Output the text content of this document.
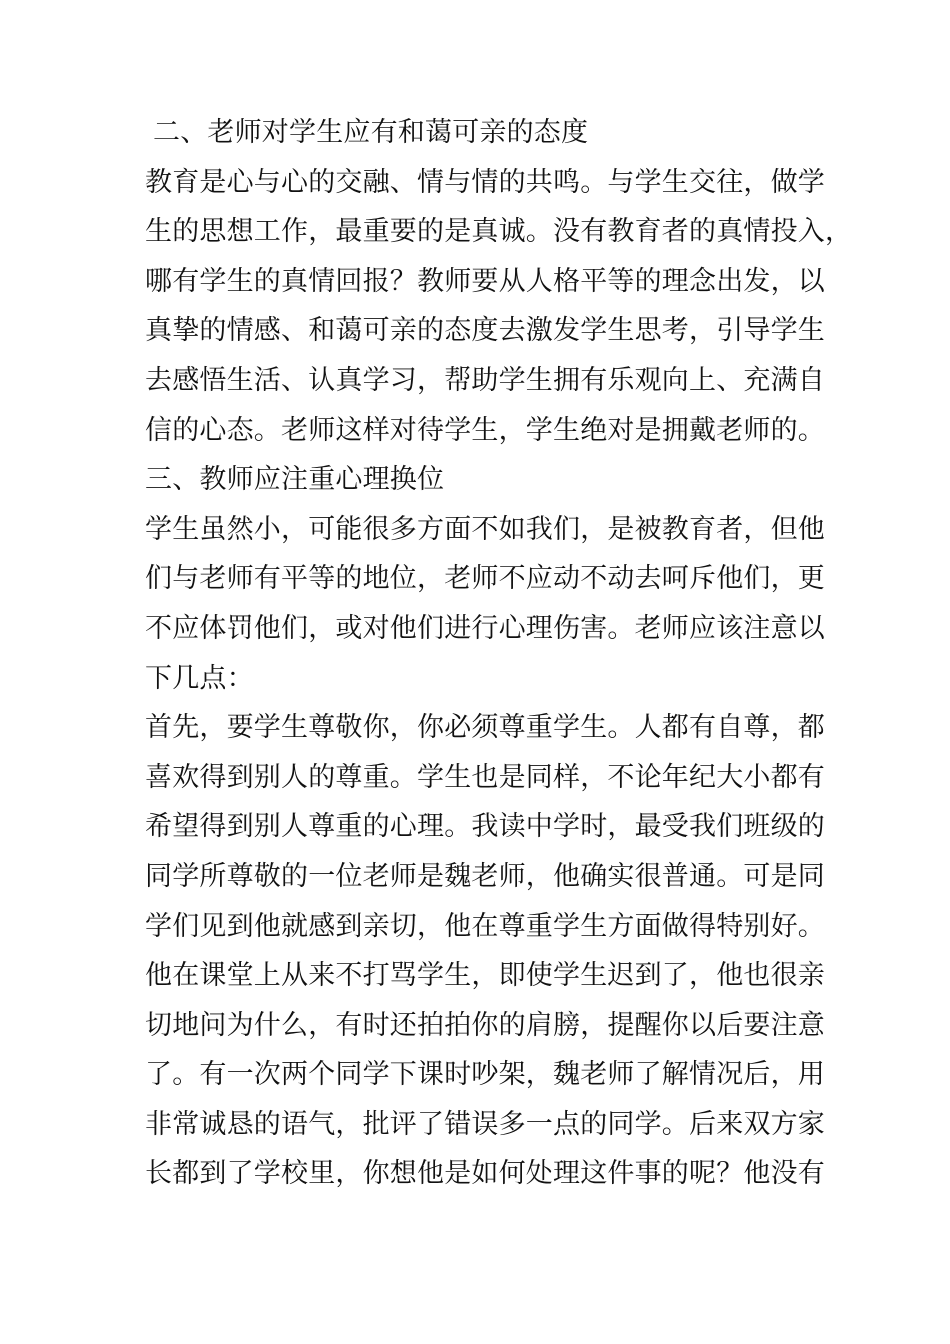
二、老师对学生应有和蔼可亲的态度
教育是心与心的交融、情与情的共鸣。与学生交往，做学
生的思想工作，最重要的是真诚。没有教育者的真情投入，
哪有学生的真情回报？教师要从人格平等的理念出发，以
真挚的情感、和蔼可亲的态度去激发学生思考，引导学生
去感悟生活、认真学习，帮助学生拥有乐观向上、充满自
信的心态。老师这样对待学生，学生绝对是拥戴老师的。
三、教师应注重心理换位
学生虽然小，可能很多方面不如我们，是被教育者，但他
们与老师有平等的地位，老师不应动不动去呵斥他们，更
不应体罚他们，或对他们进行心理伤害。老师应该注意以
下几点：
首先，要学生尊敬你，你必须尊重学生。人都有自尊，都
喜欢得到别人的尊重。学生也是同样，不论年纪大小都有
希望得到别人尊重的心理。我读中学时，最受我们班级的
同学所尊敬的一位老师是魏老师，他确实很普通。可是同
学们见到他就感到亲切，他在尊重学生方面做得特别好。
他在课堂上从来不打骂学生，即使学生迟到了，他也很亲
切地问为什么，有时还拍拍你的肩膀，提醒你以后要注意
了。有一次两个同学下课时吵架，魏老师了解情况后，用
非常诚恳的语气，批评了错误多一点的同学。后来双方家
长都到了学校里，你想他是如何处理这件事的呢？他没有
